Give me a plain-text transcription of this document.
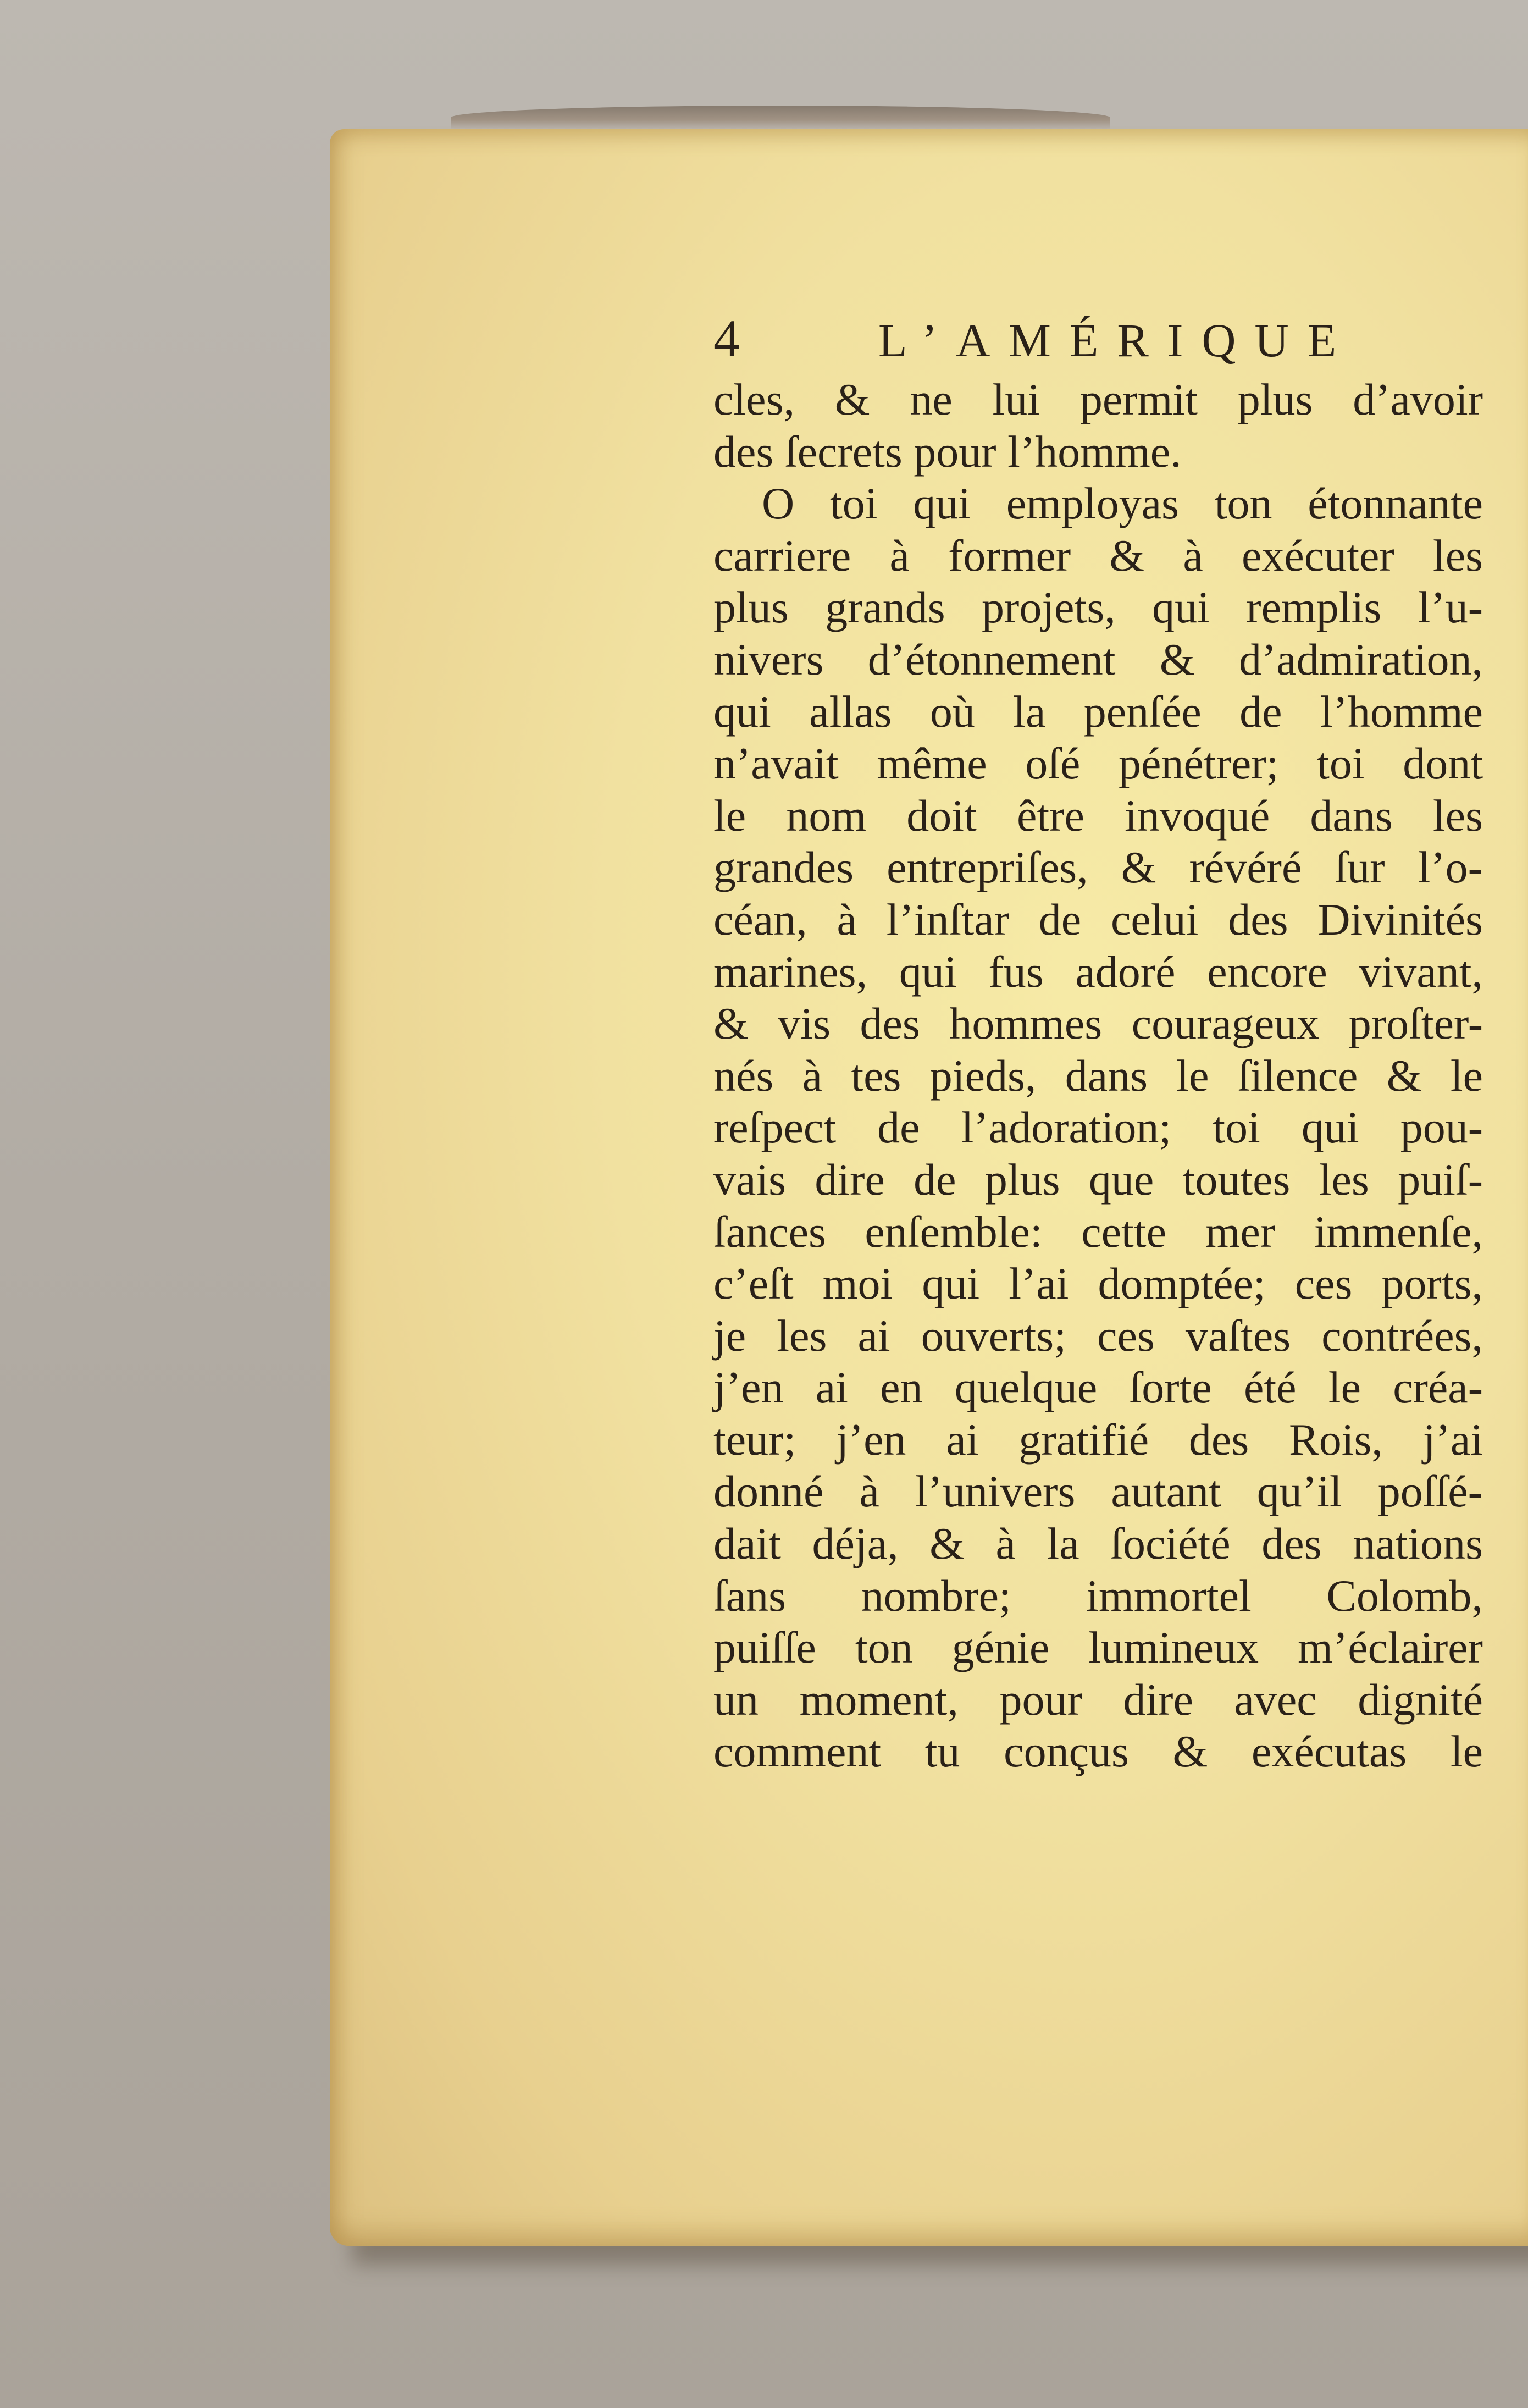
4	L’AMÉRIQUE
cles, & ne lui permit plus d’avoir
des ſecrets pour l’homme.
O toi qui employas ton étonnante
carriere à former & à exécuter les
plus grands projets, qui remplis l’u-
nivers d’étonnement & d’admiration,
qui allas où la penſée de l’homme
n’avait même oſé pénétrer; toi dont
le nom doit être invoqué dans les
grandes entrepriſes, & révéré ſur l’o-
céan, à l’inſtar de celui des Divinités
marines, qui fus adoré encore vivant,
& vis des hommes courageux proſter-
nés à tes pieds, dans le ſilence & le
reſpect de l’adoration; toi qui pou-
vais dire de plus que toutes les puiſ-
ſances enſemble: cette mer immenſe,
c’eſt moi qui l’ai domptée; ces ports,
je les ai ouverts; ces vaſtes contrées,
j’en ai en quelque ſorte été le créa-
teur; j’en ai gratifié des Rois, j’ai
donné à l’univers autant qu’il poſſé-
dait déja, & à la ſociété des nations
ſans nombre; immortel Colomb,
puiſſe ton génie lumineux m’éclairer
un moment, pour dire avec dignité
comment tu conçus & exécutas le
